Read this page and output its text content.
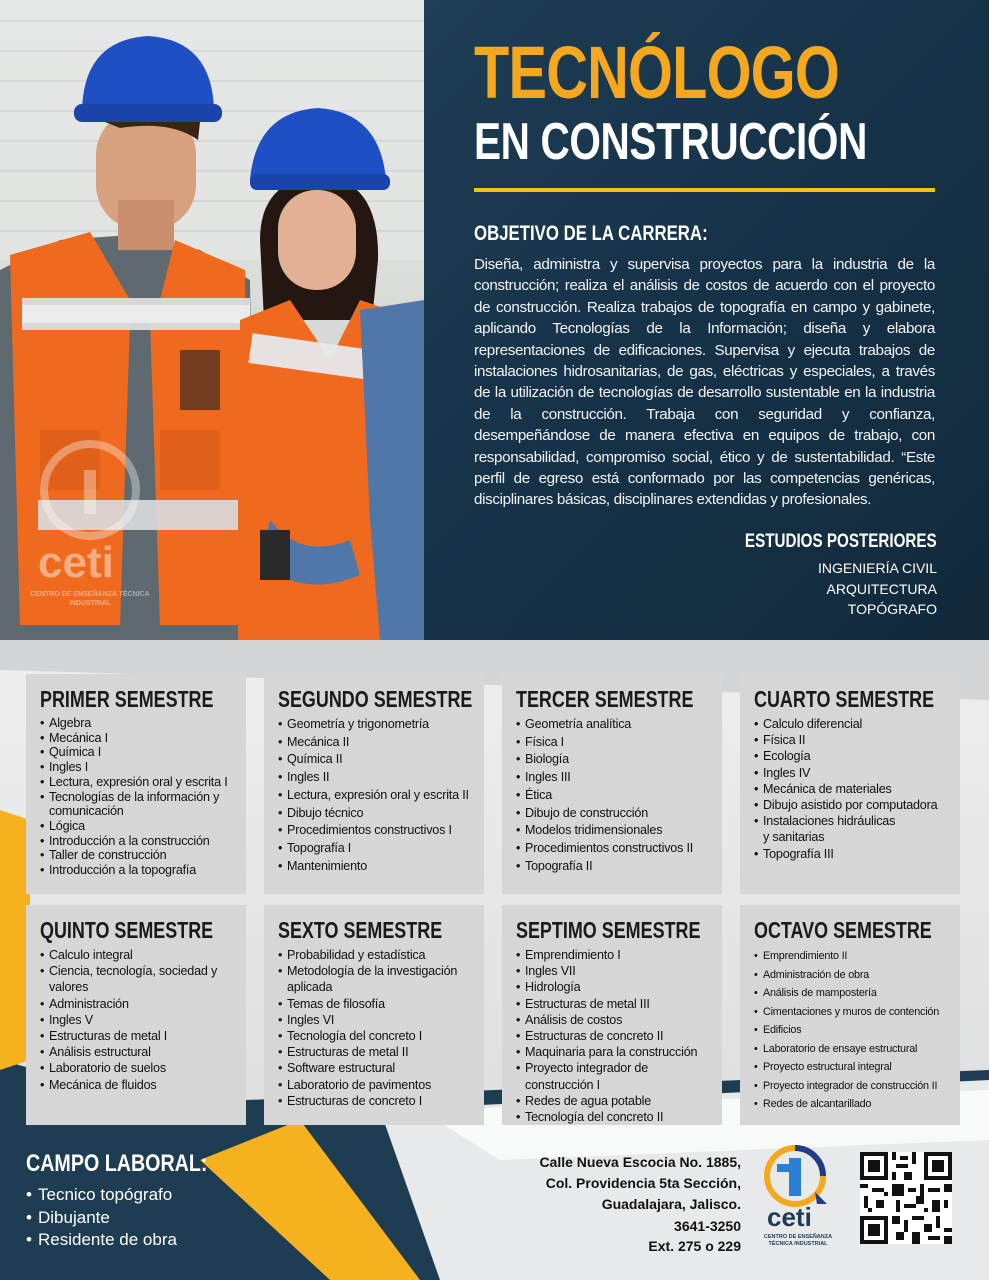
ceti
CENTRO DE ENSEÑANZA TÉCNICA INDUSTRIAL
TECNÓLOGO
EN CONSTRUCCIÓN
OBJETIVO DE LA CARRERA:
Diseña, administra y supervisa proyectos para la industria de la construcción; realiza el análisis de costos de acuerdo con el proyecto de construcción. Realiza trabajos de topografía en campo y gabinete, aplicando Tecnologías de la Información; diseña y elabora representaciones de edificaciones. Supervisa y ejecuta trabajos de instalaciones hidrosanitarias, de gas, eléctricas y especiales, a través de la utilización de tecnologías de desarrollo sustentable en la industria de la construcción. Trabaja con seguridad y confianza, desempeñándose de manera efectiva en equipos de trabajo, con responsabilidad, compromiso social, ético y de sustentabilidad. “Este perfil de egreso está conformado por las competencias genéricas, disciplinares básicas, disciplinares extendidas y profesionales.
ESTUDIOS POSTERIORES
INGENIERÍA CIVIL
ARQUITECTURA
TOPÓGRAFO
PRIMER SEMESTRE
• Algebra
• Mecánica I
• Química I
• Ingles I
• Lectura, expresión oral y escrita I
• Tecnologías de la información y comunicación
• Lógica
• Introducción a la construcción
• Taller de construcción
• Introducción a la topografía
SEGUNDO SEMESTRE
• Geometría y trigonometría
• Mecánica II
• Química II
• Ingles II
• Lectura, expresión oral y escrita II
• Dibujo técnico
• Procedimientos constructivos I
• Topografía I
• Mantenimiento
TERCER SEMESTRE
• Geometría analítica
• Física I
• Biología
• Ingles III
• Ética
• Dibujo de construcción
• Modelos tridimensionales
• Procedimientos constructivos II
• Topografía II
CUARTO SEMESTRE
• Calculo diferencial
• Física II
• Ecología
• Ingles IV
• Mecánica de materiales
• Dibujo asistido por computadora
• Instalaciones hidráulicas y sanitarias
• Topografía III
QUINTO SEMESTRE
• Calculo integral
• Ciencia, tecnología, sociedad y valores
• Administración
• Ingles V
• Estructuras de metal I
• Análisis estructural
• Laboratorio de suelos
• Mecánica de fluidos
SEXTO SEMESTRE
• Probabilidad y estadística
• Metodología de la investigación aplicada
• Temas de filosofía
• Ingles VI
• Tecnología del concreto I
• Estructuras de metal II
• Software estructural
• Laboratorio de pavimentos
• Estructuras de concreto I
SEPTIMO SEMESTRE
• Emprendimiento I
• Ingles VII
• Hidrología
• Estructuras de metal III
• Análisis de costos
• Estructuras de concreto II
• Maquinaria para la construcción
• Proyecto integrador de construcción I
• Redes de agua potable
• Tecnología del concreto II
OCTAVO SEMESTRE
• Emprendimiento II
• Administración de obra
• Análisis de mampostería
• Cimentaciones y muros de contención
• Edificios
• Laboratorio de ensaye estructural
• Proyecto estructural integral
• Proyecto integrador de construcción II
• Redes de alcantarillado
CAMPO LABORAL:
• Tecnico topógrafo
• Dibujante
• Residente de obra
Calle Nueva Escocia No. 1885,
Col. Providencia 5ta Sección,
Guadalajara, Jalisco.
3641-3250
Ext. 275 o 229
ceti
CENTRO DE ENSEÑANZA
TÉCNICA INDUSTRIAL
